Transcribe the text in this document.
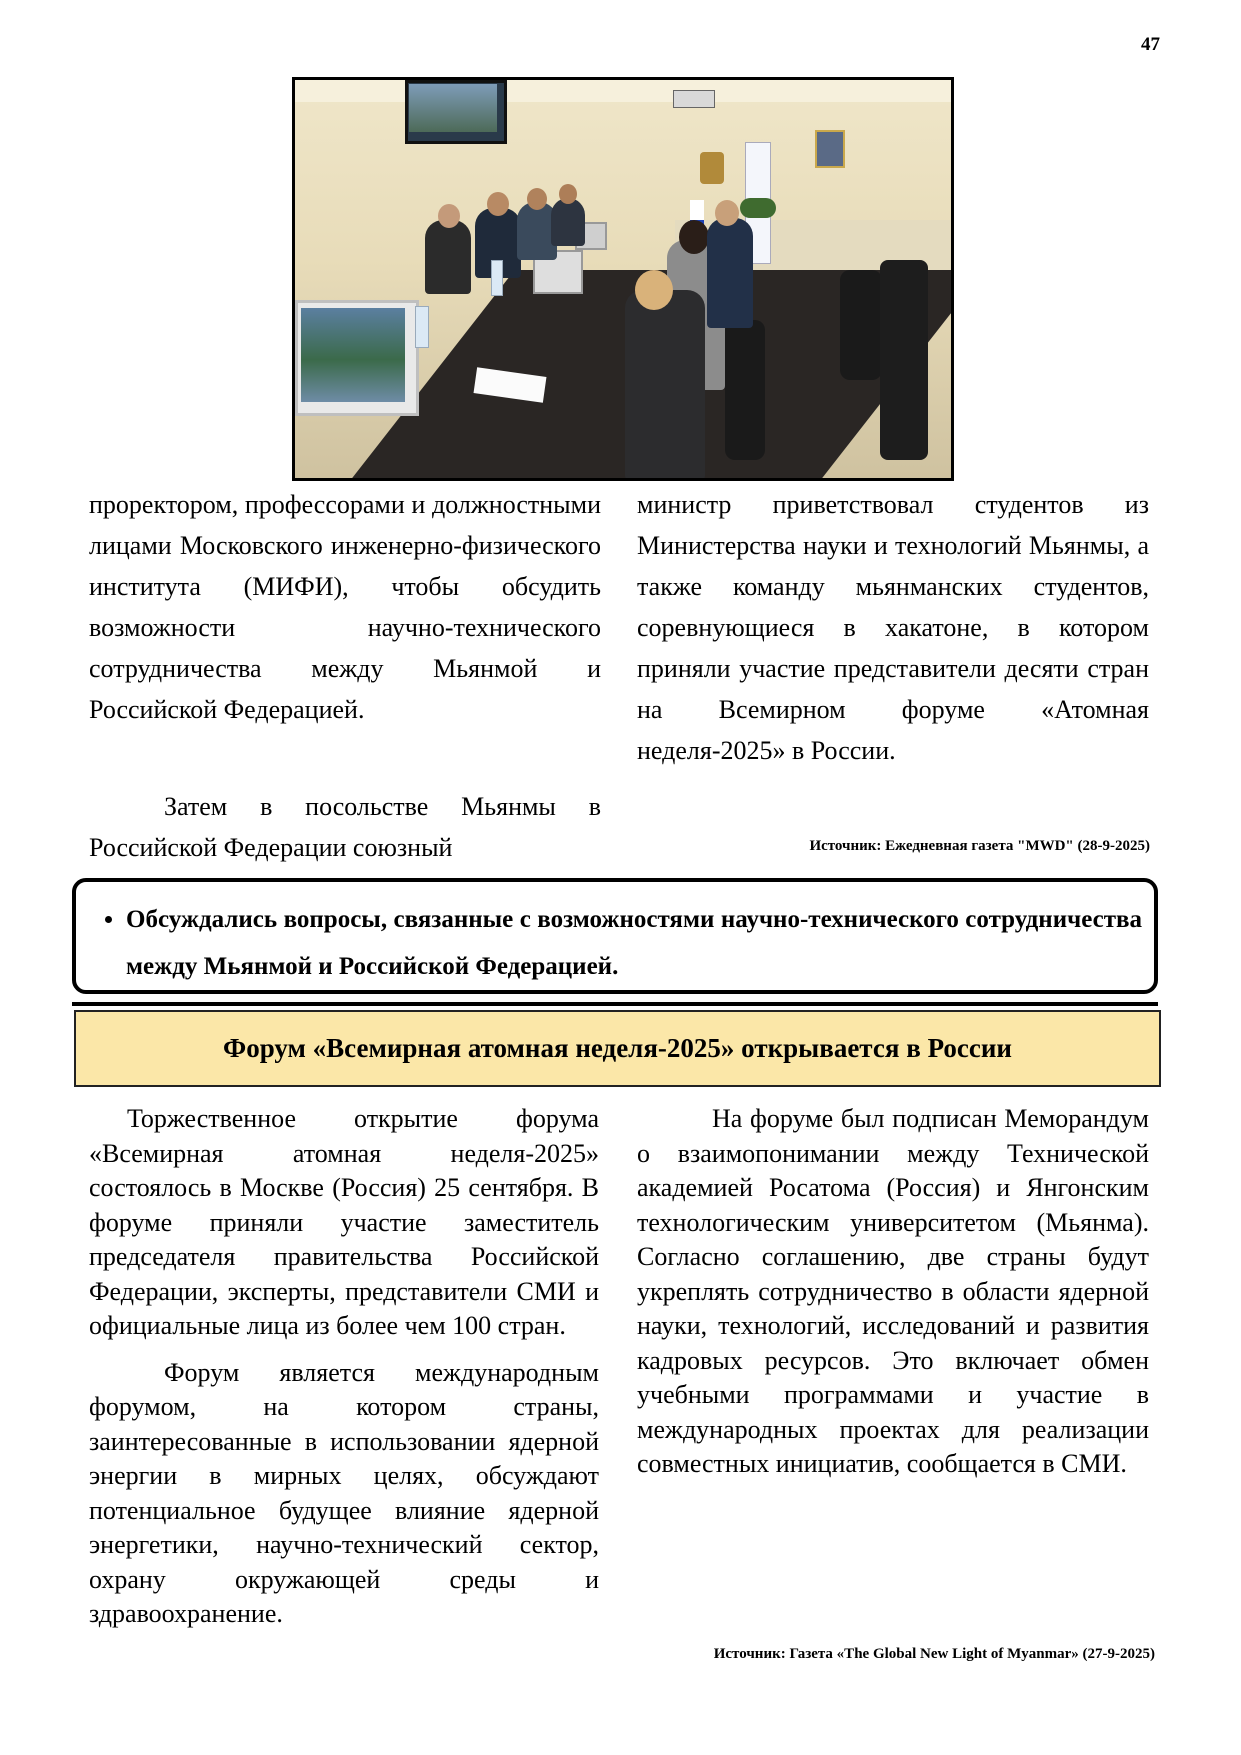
47

проректором, профессорами и должностными лицами Московского инженерно-физического института (МИФИ), чтобы обсудить возможности научно-технического сотрудничества между Мьянмой и Российской Федерацией.

Затем в посольстве Мьянмы в Российской Федерации союзный

министр приветствовал студентов из Министерства науки и технологий Мьянмы, а также команду мьянманских студентов, соревнующиеся в хакатоне, в котором приняли участие представители десяти стран на Всемирном форуме «Атомная неделя-2025» в России.

Источник: Ежедневная газета "MWD" (28-9-2025)
• Обсуждались вопросы, связанные с возможностями научно-технического сотрудничества между Мьянмой и Российской Федерацией.
Форум «Всемирная атомная неделя-2025» открывается в России

Торжественное открытие форума «Всемирная атомная неделя-2025» состоялось в Москве (Россия) 25 сентября. В форуме приняли участие заместитель председателя правительства Российской Федерации, эксперты, представители СМИ и официальные лица из более чем 100 стран.

Форум является международным форумом, на котором страны, заинтересованные в использовании ядерной энергии в мирных целях, обсуждают потенциальное будущее влияние ядерной энергетики, научно-технический сектор, охрану окружающей среды и здравоохранение.

На форуме был подписан Меморандум о взаимопонимании между Технической академией Росатома (Россия) и Янгонским технологическим университетом (Мьянма). Согласно соглашению, две страны будут укреплять сотрудничество в области ядерной науки, технологий, исследований и развития кадровых ресурсов. Это включает обмен учебными программами и участие в международных проектах для реализации совместных инициатив, сообщается в СМИ.

Источник: Газета «The Global New Light of Myanmar» (27-9-2025)
